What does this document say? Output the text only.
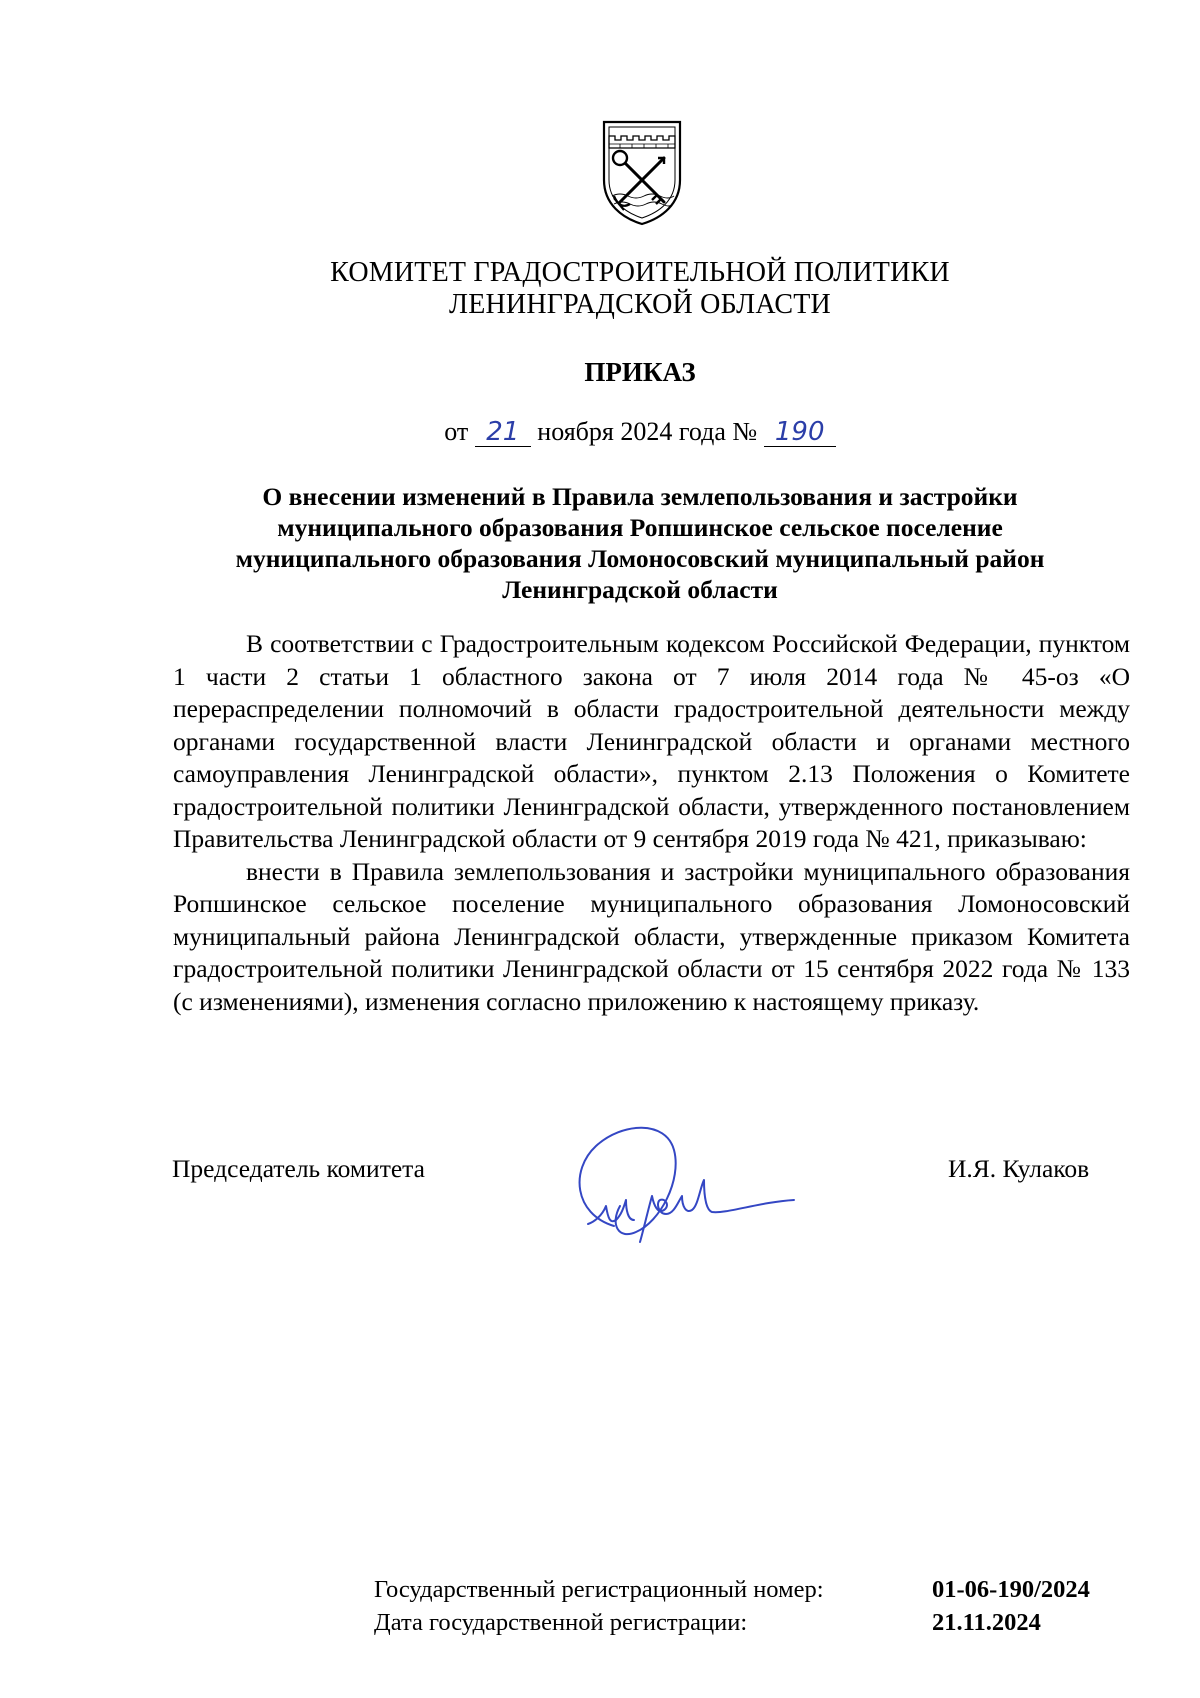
КОМИТЕТ ГРАДОСТРОИТЕЛЬНОЙ ПОЛИТИКИ
ЛЕНИНГРАДСКОЙ ОБЛАСТИ
ПРИКАЗ
от 21 ноября 2024 года № 190
О внесении изменений в Правила землепользования и застройки
муниципального образования Ропшинское сельское поселение
муниципального образования Ломоносовский муниципальный район
Ленинградской области

В соответствии с Градостроительным кодексом Российской Федерации, пунктом 1 части 2 статьи 1 областного закона от 7 июля 2014 года № 45-оз «О перераспределении полномочий в области градостроительной деятельности между органами государственной власти Ленинградской области и органами местного самоуправления Ленинградской области», пунктом 2.13 Положения о Комитете градостроительной политики Ленинградской области, утвержденного постановлением Правительства Ленинградской области от 9 сентября 2019 года № 421, приказываю:

внести в Правила землепользования и застройки муниципального образования Ропшинское сельское поселение муниципального образования Ломоносовский муниципальный района Ленинградской области, утвержденные приказом Комитета градостроительной политики Ленинградской области от 15 сентября 2022 года № 133 (с изменениями), изменения согласно приложению к настоящему приказу.

Председатель комитета	И.Я. Кулаков
Государственный регистрационный номер:	01-06-190/2024
Дата государственной регистрации:	21.11.2024
